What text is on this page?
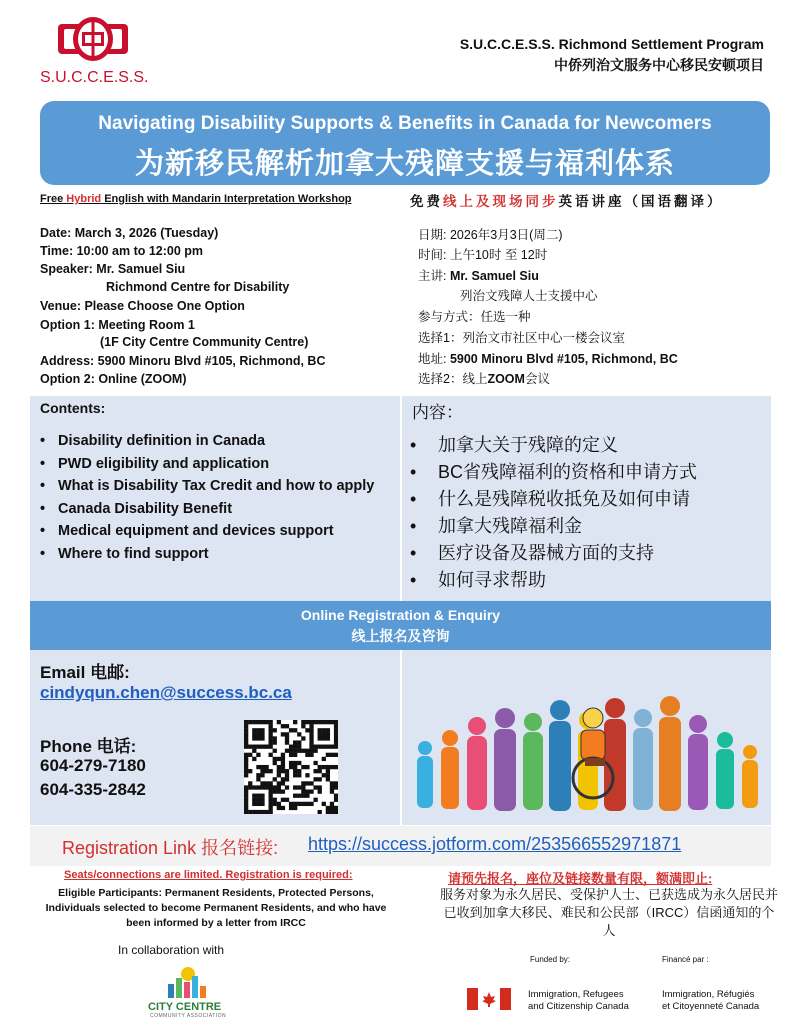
S.U.C.C.E.S.S.
S.U.C.C.E.S.S. Richmond Settlement Program
中侨列治文服务中心移民安顿项目
Navigating Disability Supports & Benefits in Canada for Newcomers
为新移民解析加拿大残障支援与福利体系
Free Hybrid English with Mandarin Interpretation Workshop	免费线上及现场同步英语讲座（国语翻译）
Date: March 3, 2026 (Tuesday)
Time: 10:00 am to 12:00 pm
Speaker: Mr. Samuel Siu
Richmond Centre for Disability
Venue: Please Choose One Option
Option 1: Meeting Room 1
(1F City Centre Community Centre)
Address: 5900 Minoru Blvd #105, Richmond, BC
Option 2: Online (ZOOM)
日期: 2026年3月3日(周二)
时间: 上午10时 至 12时
主讲: Mr. Samuel Siu
列治文残障人士支援中心
参与方式：任选一种
选择1：列治文市社区中心一楼会议室
地址: 5900 Minoru Blvd #105, Richmond, BC
选择2：线上ZOOM会议
Contents:	内容：
• Disability definition in Canada
• PWD eligibility and application
• What is Disability Tax Credit and how to apply
• Canada Disability Benefit
• Medical equipment and devices support
• Where to find support
• 加拿大关于残障的定义
• BC省残障福利的资格和申请方式
• 什么是残障税收抵免及如何申请
• 加拿大残障福利金
• 医疗设备及器械方面的支持
• 如何寻求帮助
Online Registration & Enquiry
线上报名及咨询
Email 电邮:
cindyqun.chen@success.bc.ca
Phone 电话:
604-279-7180
604-335-2842
Registration Link 报名链接: https://success.jotform.com/253566552971871
Seats/connections are limited. Registration is required:
Eligible Participants: Permanent Residents, Protected Persons, Individuals selected to become Permanent Residents, and who have been informed by a letter from IRCC
请预先报名，座位及链接数量有限，额满即止:
服务对象为永久居民、受保护人士、已获选成为永久居民并已收到加拿大移民、难民和公民部（IRCC）信函通知的个人
In collaboration with
CITY CENTRE
COMMUNITY ASSOCIATION
Funded by:	Financé par :
Immigration, Refugees
and Citizenship Canada
Immigration, Réfugiés
et Citoyenneté Canada
